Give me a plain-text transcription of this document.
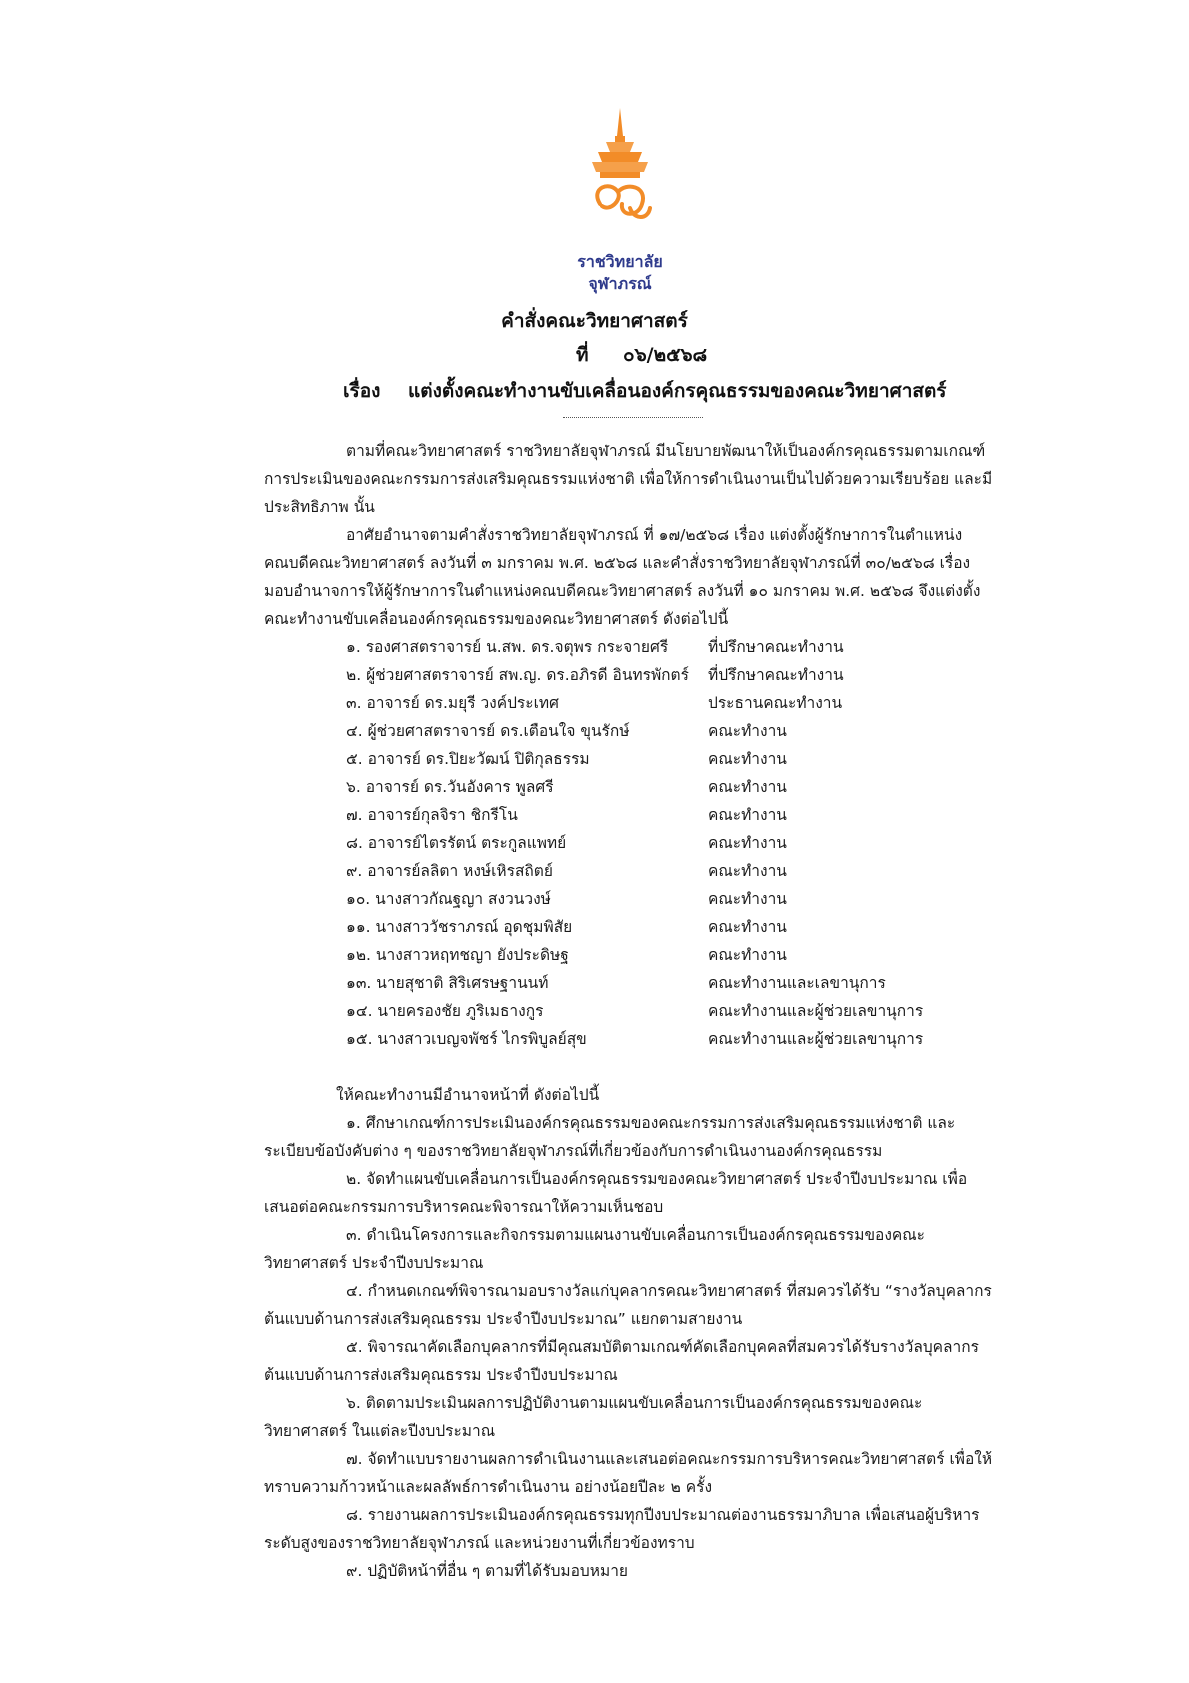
ราชวิทยาลัย
จุฬาภรณ์
คำสั่งคณะวิทยาศาสตร์
ที่ ๐๖/๒๕๖๘
เรื่อง แต่งตั้งคณะทำงานขับเคลื่อนองค์กรคุณธรรมของคณะวิทยาศาสตร์
ตามที่คณะวิทยาศาสตร์ ราชวิทยาลัยจุฬาภรณ์ มีนโยบายพัฒนาให้เป็นองค์กรคุณธรรมตามเกณฑ์
การประเมินของคณะกรรมการส่งเสริมคุณธรรมแห่งชาติ เพื่อให้การดำเนินงานเป็นไปด้วยความเรียบร้อย และมี
ประสิทธิภาพ นั้น
อาศัยอำนาจตามคำสั่งราชวิทยาลัยจุฬาภรณ์ ที่ ๑๗/๒๕๖๘ เรื่อง แต่งตั้งผู้รักษาการในตำแหน่ง
คณบดีคณะวิทยาศาสตร์ ลงวันที่ ๓ มกราคม พ.ศ. ๒๕๖๘ และคำสั่งราชวิทยาลัยจุฬาภรณ์ที่ ๓๐/๒๕๖๘ เรื่อง
มอบอำนาจการให้ผู้รักษาการในตำแหน่งคณบดีคณะวิทยาศาสตร์ ลงวันที่ ๑๐ มกราคม พ.ศ. ๒๕๖๘ จึงแต่งตั้ง
คณะทำงานขับเคลื่อนองค์กรคุณธรรมของคณะวิทยาศาสตร์ ดังต่อไปนี้
๑. รองศาสตราจารย์ น.สพ. ดร.จตุพร กระจายศรี	ที่ปรึกษาคณะทำงาน
๒. ผู้ช่วยศาสตราจารย์ สพ.ญ. ดร.อภิรดี อินทรพักตร์ ที่ปรึกษาคณะทำงาน
๓. อาจารย์ ดร.มยุรี วงค์ประเทศ	ประธานคณะทำงาน
๔. ผู้ช่วยศาสตราจารย์ ดร.เตือนใจ ขุนรักษ์	คณะทำงาน
๕. อาจารย์ ดร.ปิยะวัฒน์ ปิติกุลธรรม	คณะทำงาน
๖. อาจารย์ ดร.วันอังคาร พูลศรี	คณะทำงาน
๗. อาจารย์กุลจิรา ชิกรีโน	คณะทำงาน
๘. อาจารย์ไตรรัตน์ ตระกูลแพทย์	คณะทำงาน
๙. อาจารย์ลลิตา หงษ์เหิรสถิตย์	คณะทำงาน
๑๐. นางสาวกัณฐญา สงวนวงษ์	คณะทำงาน
๑๑. นางสาววัชราภรณ์ อุดชุมพิสัย	คณะทำงาน
๑๒. นางสาวหฤทชญา ยังประดิษฐ	คณะทำงาน
๑๓. นายสุชาติ สิริเศรษฐานนท์	คณะทำงานและเลขานุการ
๑๔. นายครองชัย ภูริเมธางกูร	คณะทำงานและผู้ช่วยเลขานุการ
๑๕. นางสาวเบญจพัชร์ ไกรพิบูลย์สุข	คณะทำงานและผู้ช่วยเลขานุการ
ให้คณะทำงานมีอำนาจหน้าที่ ดังต่อไปนี้
๑. ศึกษาเกณฑ์การประเมินองค์กรคุณธรรมของคณะกรรมการส่งเสริมคุณธรรมแห่งชาติ และ
ระเบียบข้อบังคับต่าง ๆ ของราชวิทยาลัยจุฬาภรณ์ที่เกี่ยวข้องกับการดำเนินงานองค์กรคุณธรรม
๒. จัดทำแผนขับเคลื่อนการเป็นองค์กรคุณธรรมของคณะวิทยาศาสตร์ ประจำปีงบประมาณ เพื่อ
เสนอต่อคณะกรรมการบริหารคณะพิจารณาให้ความเห็นชอบ
๓. ดำเนินโครงการและกิจกรรมตามแผนงานขับเคลื่อนการเป็นองค์กรคุณธรรมของคณะ
วิทยาศาสตร์ ประจำปีงบประมาณ
๔. กำหนดเกณฑ์พิจารณามอบรางวัลแก่บุคลากรคณะวิทยาศาสตร์ ที่สมควรได้รับ “รางวัลบุคลากร
ต้นแบบด้านการส่งเสริมคุณธรรม ประจำปีงบประมาณ” แยกตามสายงาน
๕. พิจารณาคัดเลือกบุคลากรที่มีคุณสมบัติตามเกณฑ์คัดเลือกบุคคลที่สมควรได้รับรางวัลบุคลากร
ต้นแบบด้านการส่งเสริมคุณธรรม ประจำปีงบประมาณ
๖. ติดตามประเมินผลการปฏิบัติงานตามแผนขับเคลื่อนการเป็นองค์กรคุณธรรมของคณะ
วิทยาศาสตร์ ในแต่ละปีงบประมาณ
๗. จัดทำแบบรายงานผลการดำเนินงานและเสนอต่อคณะกรรมการบริหารคณะวิทยาศาสตร์ เพื่อให้
ทราบความก้าวหน้าและผลลัพธ์การดำเนินงาน อย่างน้อยปีละ ๒ ครั้ง
๘. รายงานผลการประเมินองค์กรคุณธรรมทุกปีงบประมาณต่องานธรรมาภิบาล เพื่อเสนอผู้บริหาร
ระดับสูงของราชวิทยาลัยจุฬาภรณ์ และหน่วยงานที่เกี่ยวข้องทราบ
๙. ปฏิบัติหน้าที่อื่น ๆ ตามที่ได้รับมอบหมาย
